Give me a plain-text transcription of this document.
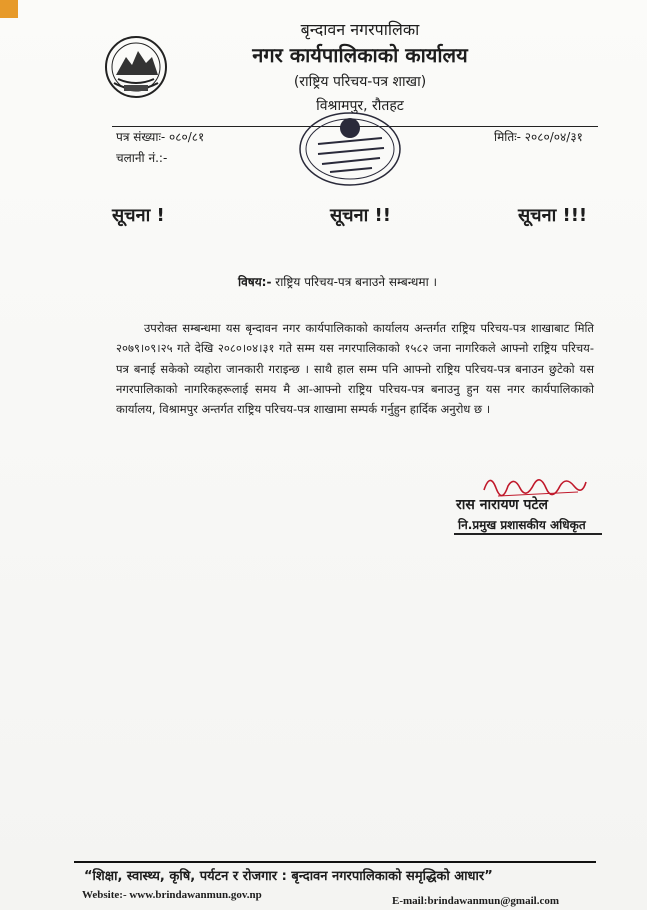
बृन्दावन नगरपालिका
नगर कार्यपालिकाको कार्यालय
(राष्ट्रिय परिचय-पत्र शाखा)
विश्रामपुर, रौतहट
पत्र संख्याः- ०८०/८१
चलानी नं.:-
मितिः- २०८०/०४/३१
सूचना !	सूचना !!	सूचना !!!
विषय:- राष्ट्रिय परिचय-पत्र बनाउने सम्बन्धमा ।
उपरोक्त सम्बन्धमा यस बृन्दावन नगर कार्यपालिकाको कार्यालय अन्तर्गत राष्ट्रिय परिचय-पत्र शाखाबाट मिति २०७९।०९।२५ गते देखि २०८०।०४।३१ गते सम्म यस नगरपालिकाको १५८२ जना नागरिकले आफ्नो राष्ट्रिय परिचय-पत्र बनाई सकेको व्यहोरा जानकारी गराइन्छ । साथै हाल सम्म पनि आफ्नो राष्ट्रिय परिचय-पत्र बनाउन छुटेको यस नगरपालिकाको नागरिकहरूलाई समय मै आ-आफ्नो राष्ट्रिय परिचय-पत्र बनाउनु हुन यस नगर कार्यपालिकाको कार्यालय, विश्रामपुर अन्तर्गत राष्ट्रिय परिचय-पत्र शाखामा सम्पर्क गर्नुहुन हार्दिक अनुरोध छ ।
रास नारायण पटेल
नि.प्रमुख प्रशासकीय अधिकृत
“शिक्षा, स्वास्थ्य, कृषि, पर्यटन र रोजगार : बृन्दावन नगरपालिकाको समृद्धिको आधार”
Website:- www.brindawanmun.gov.np	E-mail:brindawanmun@gmail.com
